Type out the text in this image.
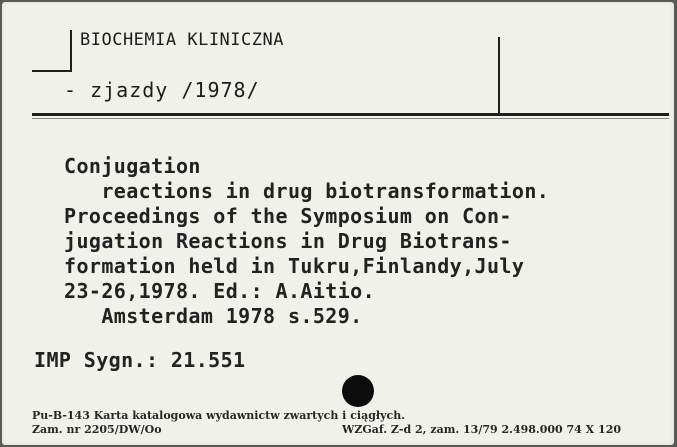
BIOCHEMIA KLINICZNA
- zjazdy /1978/
Conjugation
reactions in drug biotransformation.
Proceedings of the Symposium on Con-
jugation Reactions in Drug Biotrans-
formation held in Tukru,Finlandy,July
23-26,1978. Ed.: A.Aitio.
Amsterdam 1978 s.529.
IMP Sygn.: 21.551
Pu-B-143 Karta katalogowa wydawnictw zwartych i ciągłych.
Zam. nr 2205/DW/Oo	WZGaf. Z-d 2, zam. 13/79 2.498.000 74 X 120
